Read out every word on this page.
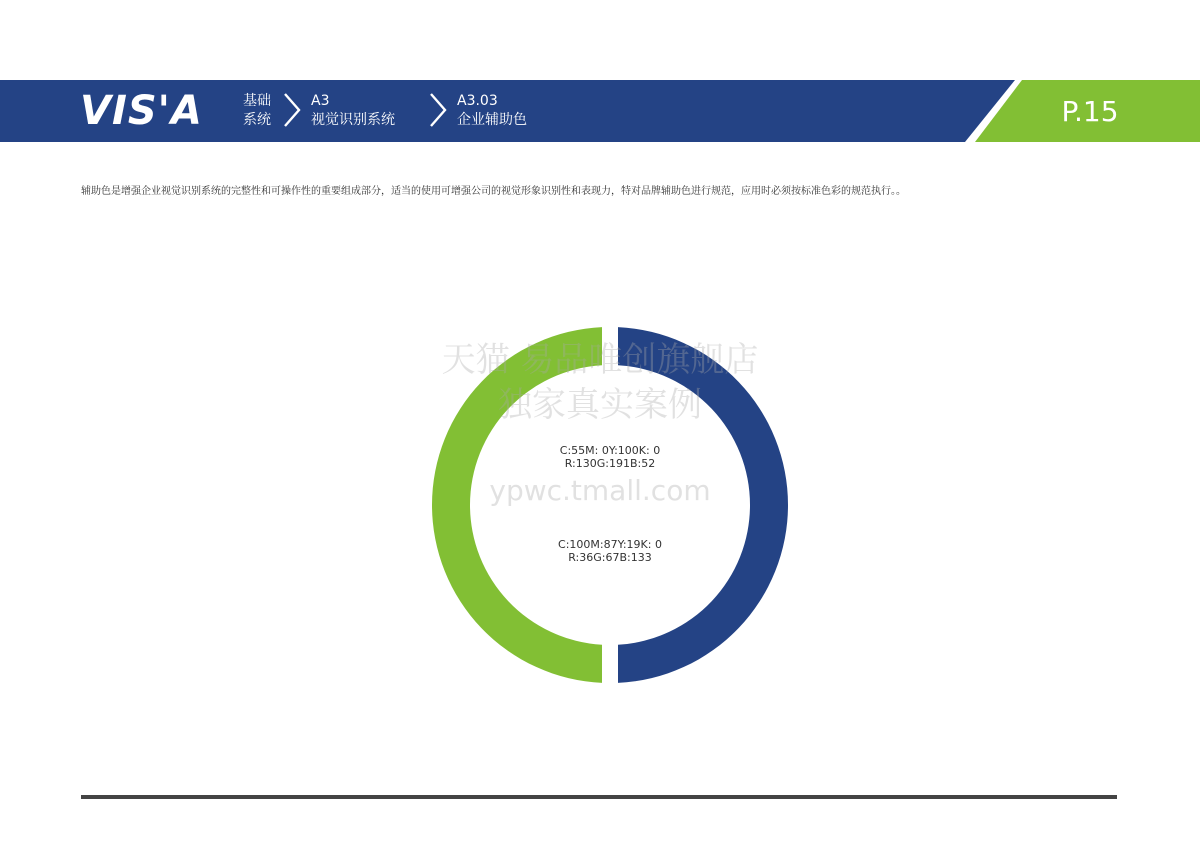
VIS'A	基础
系统
A3
视觉识别系统
A3.03
企业辅助色	P.15
辅助色是增强企业视觉识别系统的完整性和可操作性的重要组成部分，适当的使用可增强公司的视觉形象识别性和表现力，特对品牌辅助色进行规范，应用时必须按标准色彩的规范执行。。
天猫 易品唯创旗舰店
独家真实案例
ypwc.tmall.com
C:55M: 0Y:100K: 0
R:130G:191B:52
C:100M:87Y:19K: 0
R:36G:67B:133
